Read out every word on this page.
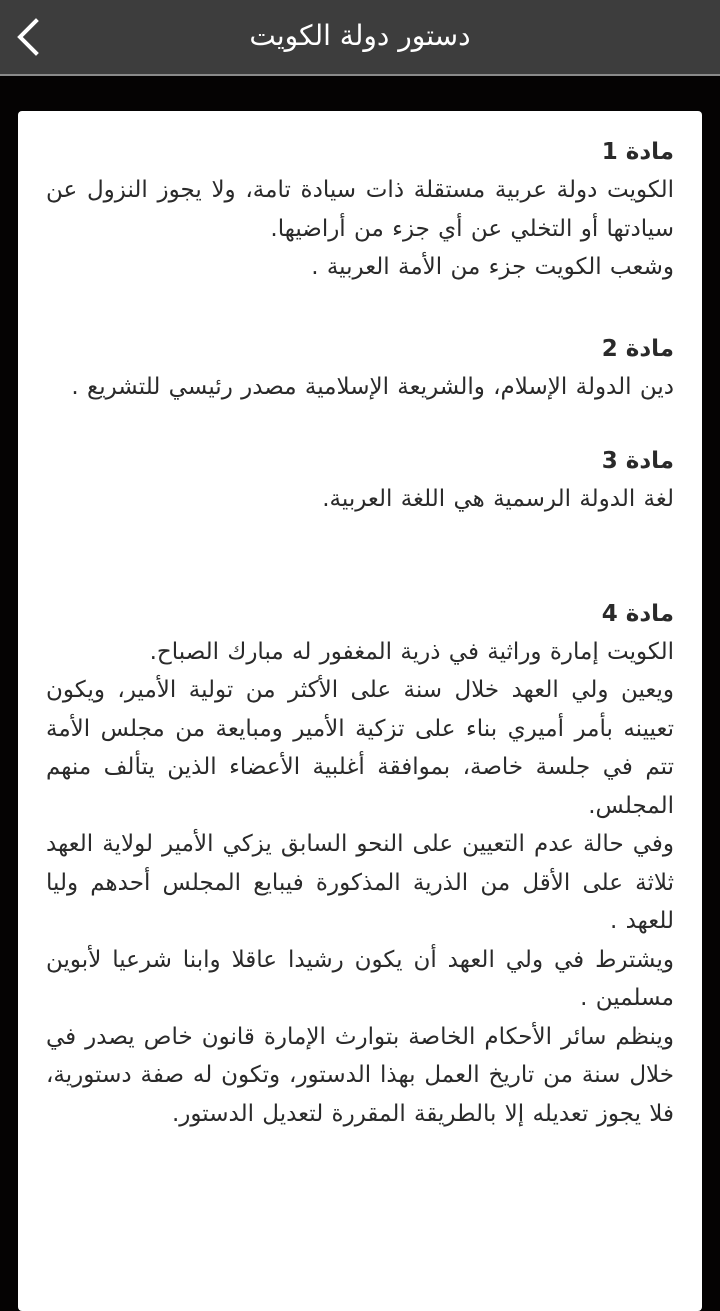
دستور دولة الكويت
مادة 1

الكويت دولة عربية مستقلة ذات سيادة تامة، ولا يجوز النزول عن سيادتها أو التخلي عن أي جزء من أراضيها.

وشعب الكويت جزء من الأمة العربية .

مادة 2

دين الدولة الإسلام، والشريعة الإسلامية مصدر رئيسي للتشريع .

مادة 3

لغة الدولة الرسمية هي اللغة العربية.

مادة 4

الكويت إمارة وراثية في ذرية المغفور له مبارك الصباح.

ويعين ولي العهد خلال سنة على الأكثر من تولية الأمير، ويكون تعيينه بأمر أميري بناء على تزكية الأمير ومبايعة من مجلس الأمة تتم في جلسة خاصة، بموافقة أغلبية الأعضاء الذين يتألف منهم المجلس.

وفي حالة عدم التعيين على النحو السابق يزكي الأمير لولاية العهد ثلاثة على الأقل من الذرية المذكورة فيبايع المجلس أحدهم وليا للعهد .

ويشترط في ولي العهد أن يكون رشيدا عاقلا وابنا شرعيا لأبوين مسلمين .

وينظم سائر الأحكام الخاصة بتوارث الإمارة قانون خاص يصدر في خلال سنة من تاريخ العمل بهذا الدستور، وتكون له صفة دستورية، فلا يجوز تعديله إلا بالطريقة المقررة لتعديل الدستور.
